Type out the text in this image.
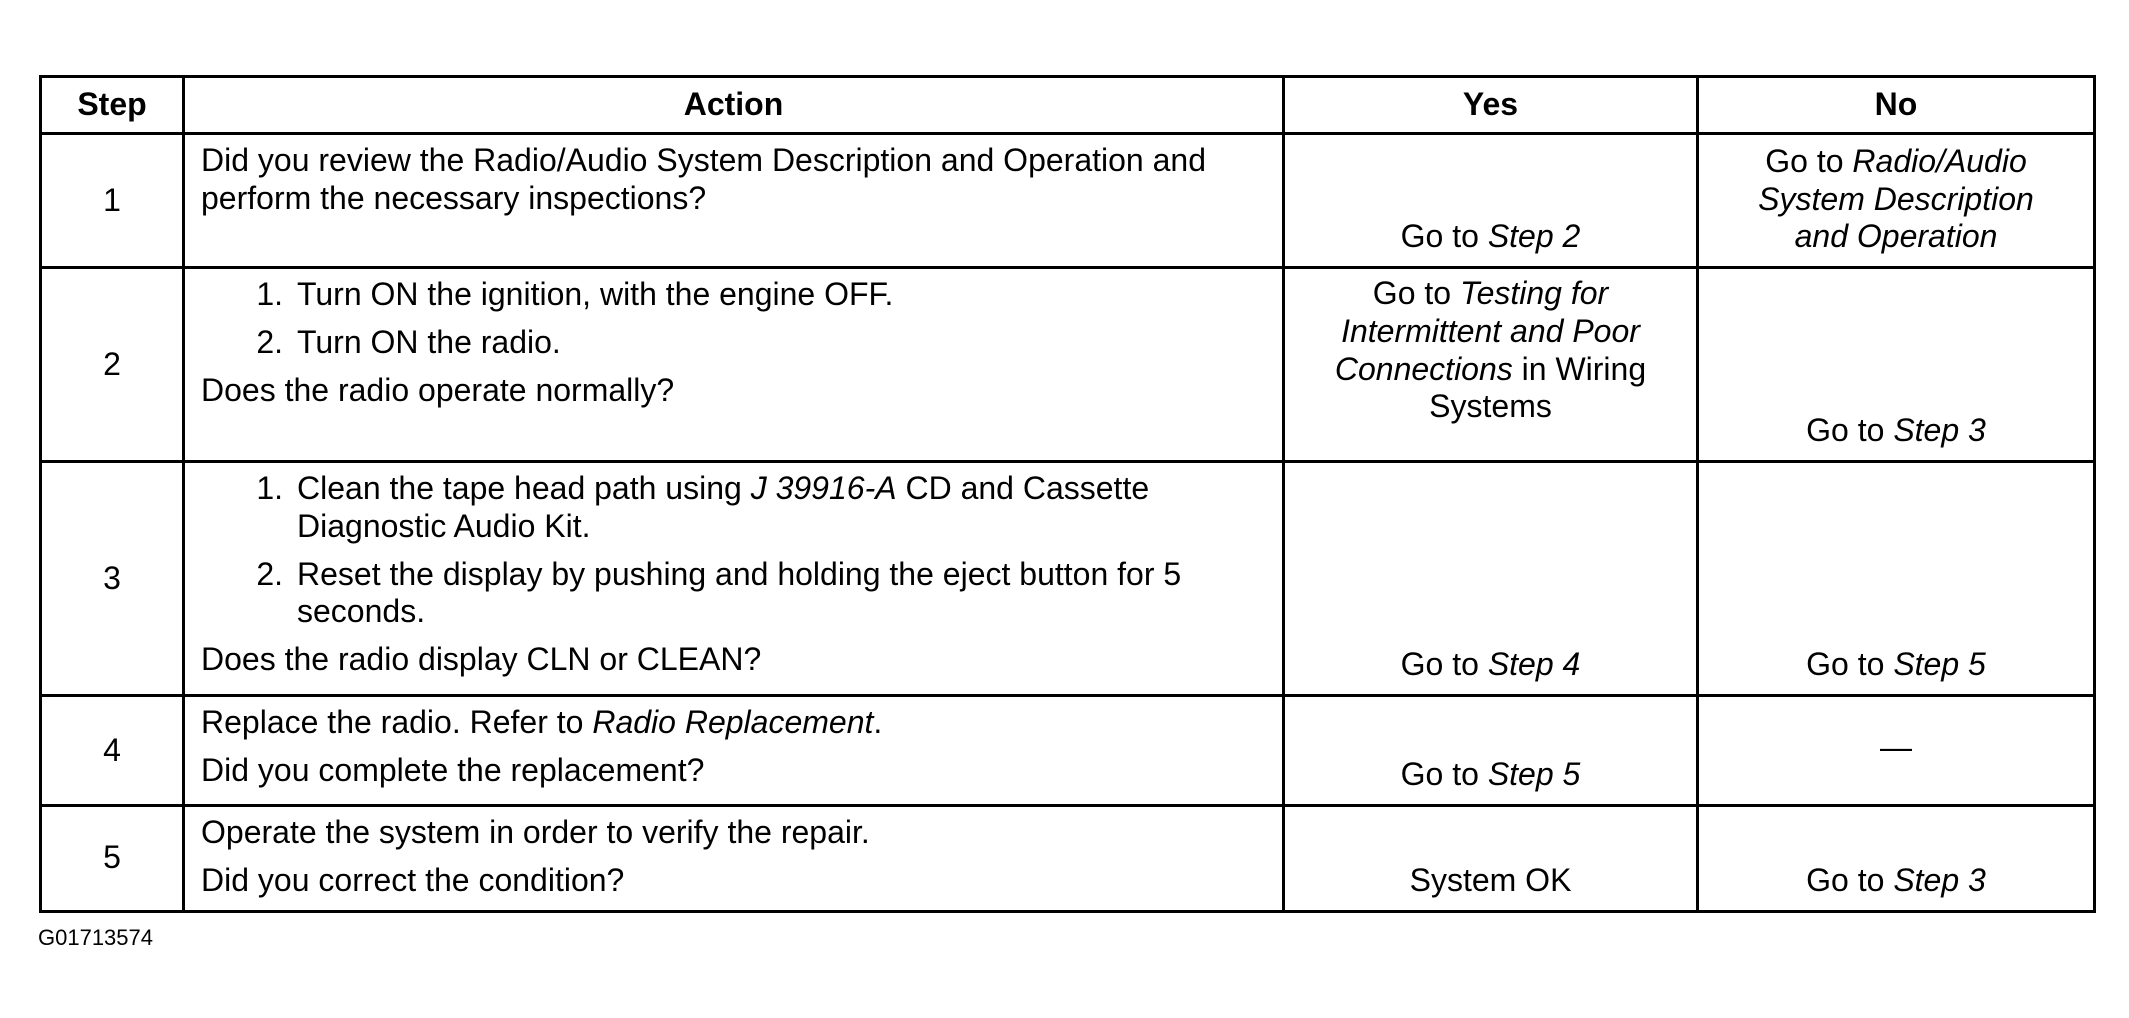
Step	Action	Yes	No
1	Did you review the Radio/Audio System Description and Operation and perform the necessary inspections?	Go to Step 2	Go to Radio/Audio System Description and Operation
2	1. Turn ON the ignition, with the engine OFF.
2. Turn ON the radio.
Does the radio operate normally?	Go to Testing for Intermittent and Poor Connections in Wiring Systems	Go to Step 3
3	1. Clean the tape head path using J 39916-A CD and Cassette Diagnostic Audio Kit.
2. Reset the display by pushing and holding the eject button for 5 seconds.
Does the radio display CLN or CLEAN?	Go to Step 4	Go to Step 5
4	Replace the radio. Refer to Radio Replacement.
Did you complete the replacement?	Go to Step 5	—
5	Operate the system in order to verify the repair.
Did you correct the condition?	System OK	Go to Step 3
G01713574
